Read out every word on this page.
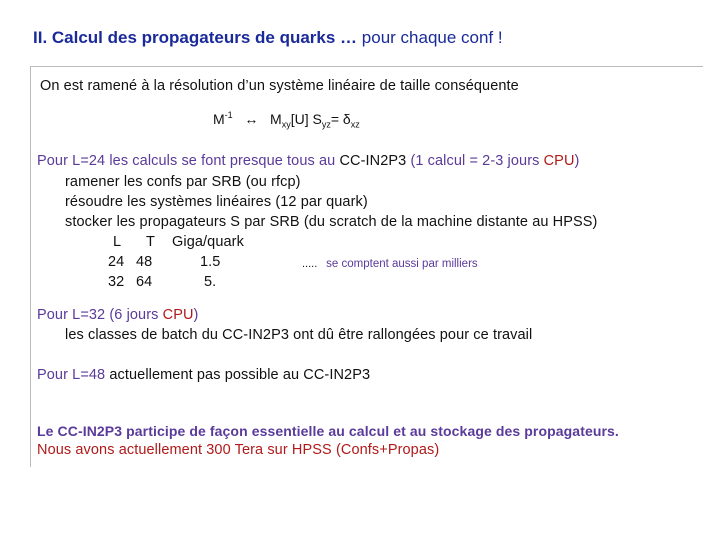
II. Calcul des propagateurs de quarks … pour chaque conf !
On est ramené à la résolution d’un système linéaire de taille conséquente
$M^{-1}$ ↔ $M_{xy}[U]$ $S_{yz}= \delta_{xz}$
Pour L=24 les calculs se font presque tous au CC-IN2P3 (1 calcul = 2-3 jours CPU)
ramener les confs par SRB (ou rfcp)
résoudre les systèmes linéaires (12 par quark)
stocker les propagateurs S par SRB (du scratch de la machine distante au HPSS)
L T Giga/quark
24 48	1.5
32 64	5.
..... se comptent aussi par milliers
Pour L=32 (6 jours CPU)
les classes de batch du CC-IN2P3 ont dû être rallongées pour ce travail
Pour L=48 actuellement pas possible au CC-IN2P3
Le CC-IN2P3 participe de façon essentielle au calcul et au stockage des propagateurs.
Nous avons actuellement 300 Tera sur HPSS (Confs+Propas)
